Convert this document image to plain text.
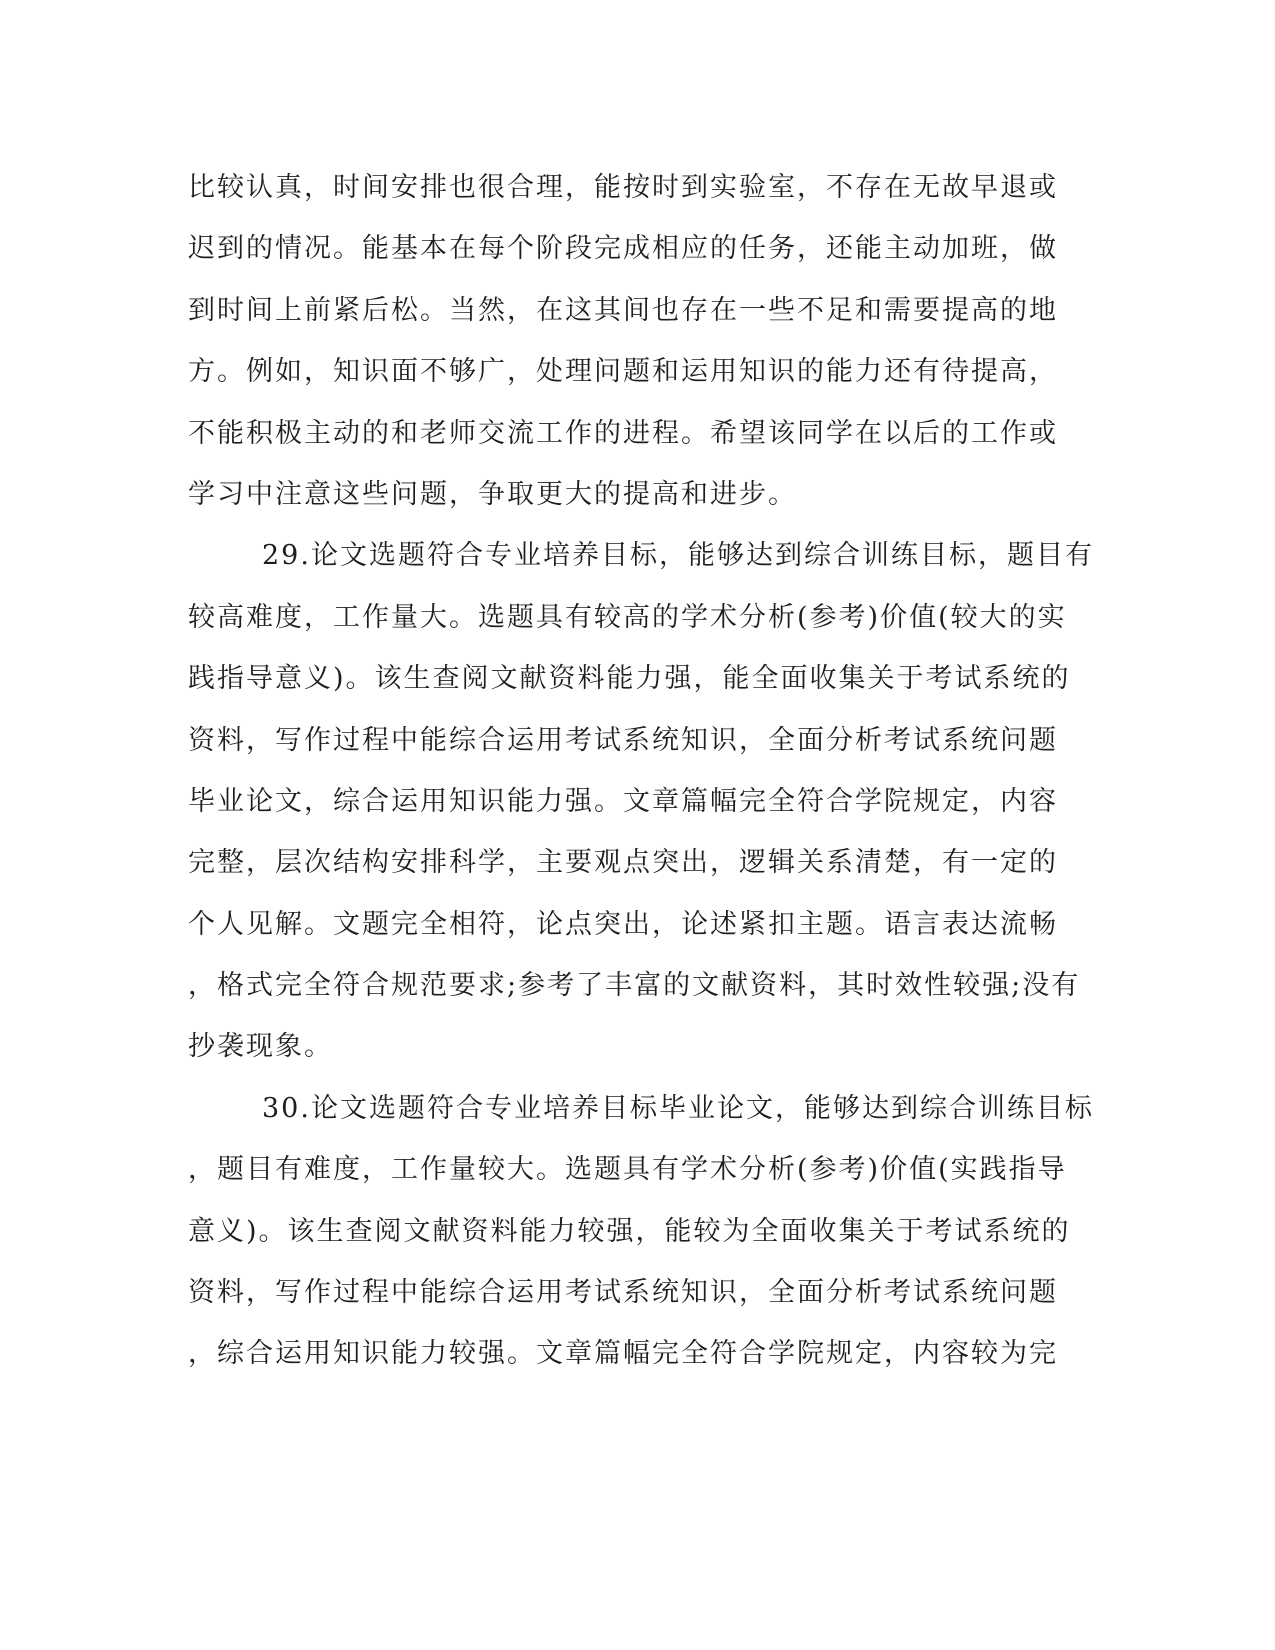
比较认真，时间安排也很合理，能按时到实验室，不存在无故早退或
迟到的情况。能基本在每个阶段完成相应的任务，还能主动加班，做
到时间上前紧后松。当然，在这其间也存在一些不足和需要提高的地
方。例如，知识面不够广，处理问题和运用知识的能力还有待提高，
不能积极主动的和老师交流工作的进程。希望该同学在以后的工作或
学习中注意这些问题，争取更大的提高和进步。
29.论文选题符合专业培养目标，能够达到综合训练目标，题目有
较高难度，工作量大。选题具有较高的学术分析(参考)价值(较大的实
践指导意义)。该生查阅文献资料能力强，能全面收集关于考试系统的
资料，写作过程中能综合运用考试系统知识，全面分析考试系统问题
毕业论文，综合运用知识能力强。文章篇幅完全符合学院规定，内容
完整，层次结构安排科学，主要观点突出，逻辑关系清楚，有一定的
个人见解。文题完全相符，论点突出，论述紧扣主题。语言表达流畅
，格式完全符合规范要求;参考了丰富的文献资料，其时效性较强;没有
抄袭现象。
30.论文选题符合专业培养目标毕业论文，能够达到综合训练目标
，题目有难度，工作量较大。选题具有学术分析(参考)价值(实践指导
意义)。该生查阅文献资料能力较强，能较为全面收集关于考试系统的
资料，写作过程中能综合运用考试系统知识，全面分析考试系统问题
，综合运用知识能力较强。文章篇幅完全符合学院规定，内容较为完
